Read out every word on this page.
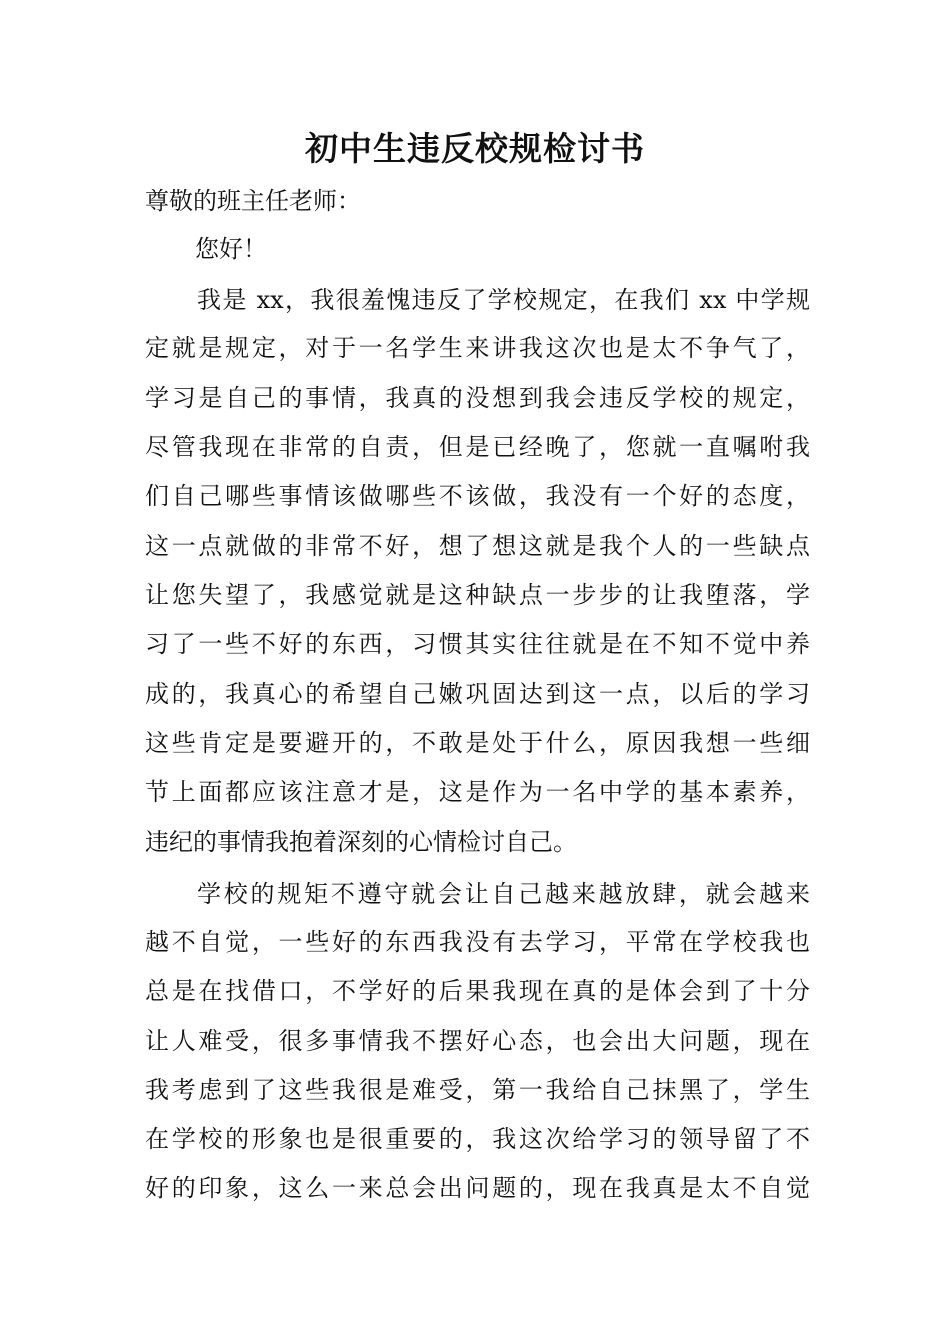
初中生违反校规检讨书

尊敬的班主任老师：

您好！

我是 xx，我很羞愧违反了学校规定，在我们 xx 中学规
定就是规定，对于一名学生来讲我这次也是太不争气了，
学习是自己的事情，我真的没想到我会违反学校的规定，
尽管我现在非常的自责，但是已经晚了，您就一直嘱咐我
们自己哪些事情该做哪些不该做，我没有一个好的态度，
这一点就做的非常不好，想了想这就是我个人的一些缺点
让您失望了，我感觉就是这种缺点一步步的让我堕落，学
习了一些不好的东西，习惯其实往往就是在不知不觉中养
成的，我真心的希望自己嫩巩固达到这一点，以后的学习
这些肯定是要避开的，不敢是处于什么，原因我想一些细
节上面都应该注意才是，这是作为一名中学的基本素养，
违纪的事情我抱着深刻的心情检讨自己。
学校的规矩不遵守就会让自己越来越放肆，就会越来
越不自觉，一些好的东西我没有去学习，平常在学校我也
总是在找借口，不学好的后果我现在真的是体会到了十分
让人难受，很多事情我不摆好心态，也会出大问题，现在
我考虑到了这些我很是难受，第一我给自己抹黑了，学生
在学校的形象也是很重要的，我这次给学习的领导留了不
好的印象，这么一来总会出问题的，现在我真是太不自觉
